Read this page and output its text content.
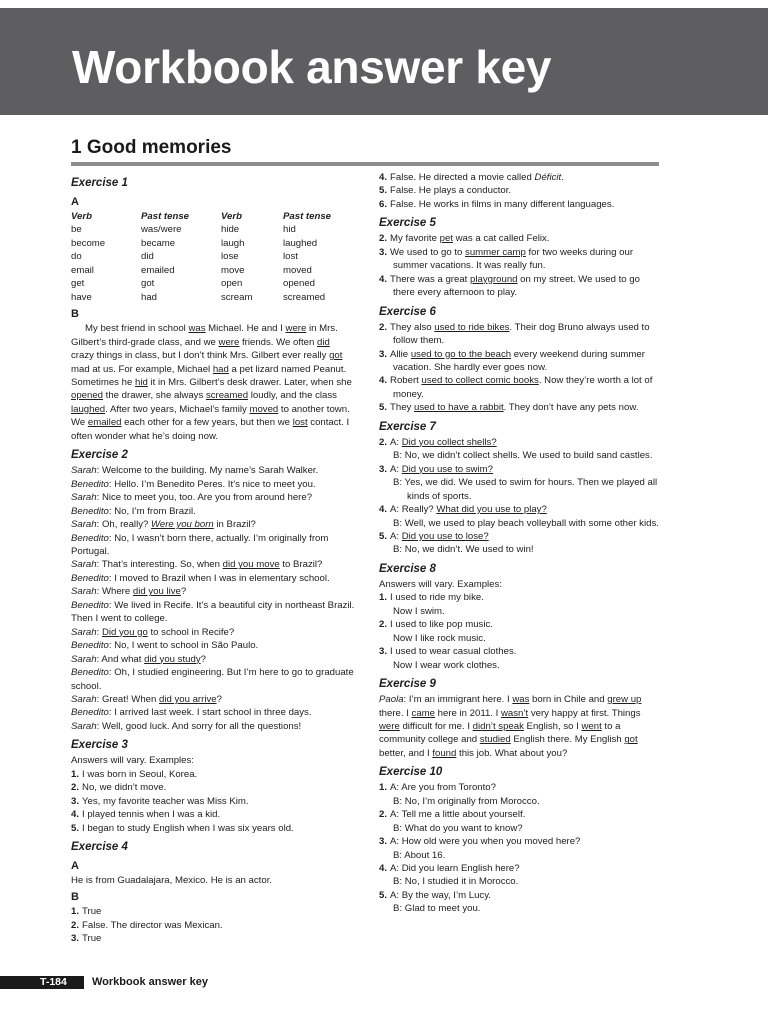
Workbook answer key
1 Good memories
Exercise 1
A
Verb	Past tense	Verb	Past tense
be	was/were	hide	hid
become	became	laugh	laughed
do	did	lose	lost
email	emailed	move	moved
get	got	open	opened
have	had	scream	screamed
B

My best friend in school was Michael. He and I were in Mrs. Gilbert’s third-grade class, and we were friends. We often did crazy things in class, but I don’t think Mrs. Gilbert ever really got mad at us. For example, Michael had a pet lizard named Peanut. Sometimes he hid it in Mrs. Gilbert’s desk drawer. Later, when she opened the drawer, she always screamed loudly, and the class laughed. After two years, Michael’s family moved to another town. We emailed each other for a few years, but then we lost contact. I often wonder what he’s doing now.

Exercise 2
Sarah: Welcome to the building. My name’s Sarah Walker.
Benedito: Hello. I’m Benedito Peres. It’s nice to meet you.
Sarah: Nice to meet you, too. Are you from around here?
Benedito: No, I’m from Brazil.
Sarah: Oh, really? Were you born in Brazil?
Benedito: No, I wasn’t born there, actually. I’m originally from Portugal.
Sarah: That’s interesting. So, when did you move to Brazil?
Benedito: I moved to Brazil when I was in elementary school.
Sarah: Where did you live?
Benedito: We lived in Recife. It’s a beautiful city in northeast Brazil. Then I went to college.
Sarah: Did you go to school in Recife?
Benedito: No, I went to school in São Paulo.
Sarah: And what did you study?
Benedito: Oh, I studied engineering. But I’m here to go to graduate school.
Sarah: Great! When did you arrive?
Benedito: I arrived last week. I start school in three days.
Sarah: Well, good luck. And sorry for all the questions!
Exercise 3
Answers will vary. Examples:
1. I was born in Seoul, Korea.
2. No, we didn’t move.
3. Yes, my favorite teacher was Miss Kim.
4. I played tennis when I was a kid.
5. I began to study English when I was six years old.
Exercise 4
A
He is from Guadalajara, Mexico. He is an actor.
B
1. True
2. False. The director was Mexican.
3. True
4. False. He directed a movie called Déficit.
5. False. He plays a conductor.
6. False. He works in films in many different languages.
Exercise 5
2. My favorite pet was a cat called Felix.
3. We used to go to summer camp for two weeks during our summer vacations. It was really fun.
4. There was a great playground on my street. We used to go there every afternoon to play.
Exercise 6
2. They also used to ride bikes. Their dog Bruno always used to follow them.
3. Allie used to go to the beach every weekend during summer vacation. She hardly ever goes now.
4. Robert used to collect comic books. Now they’re worth a lot of money.
5. They used to have a rabbit. They don’t have any pets now.
Exercise 7
2. A: Did you collect shells?
B: No, we didn’t collect shells. We used to build sand castles.
3. A: Did you use to swim?
B: Yes, we did. We used to swim for hours. Then we played all kinds of sports.
4. A: Really? What did you use to play?
B: Well, we used to play beach volleyball with some other kids.
5. A: Did you use to lose?
B: No, we didn’t. We used to win!
Exercise 8
Answers will vary. Examples:
1. I used to ride my bike.
Now I swim.
2. I used to like pop music.
Now I like rock music.
3. I used to wear casual clothes.
Now I wear work clothes.
Exercise 9

Paola: I’m an immigrant here. I was born in Chile and grew up there. I came here in 2011. I wasn’t very happy at first. Things were difficult for me. I didn’t speak English, so I went to a community college and studied English there. My English got better, and I found this job. What about you?

Exercise 10
1. A: Are you from Toronto?
B: No, I’m originally from Morocco.
2. A: Tell me a little about yourself.
B: What do you want to know?
3. A: How old were you when you moved here?
B: About 16.
4. A: Did you learn English here?
B: No, I studied it in Morocco.
5. A: By the way, I’m Lucy.
B: Glad to meet you.
T-184 Workbook answer key
